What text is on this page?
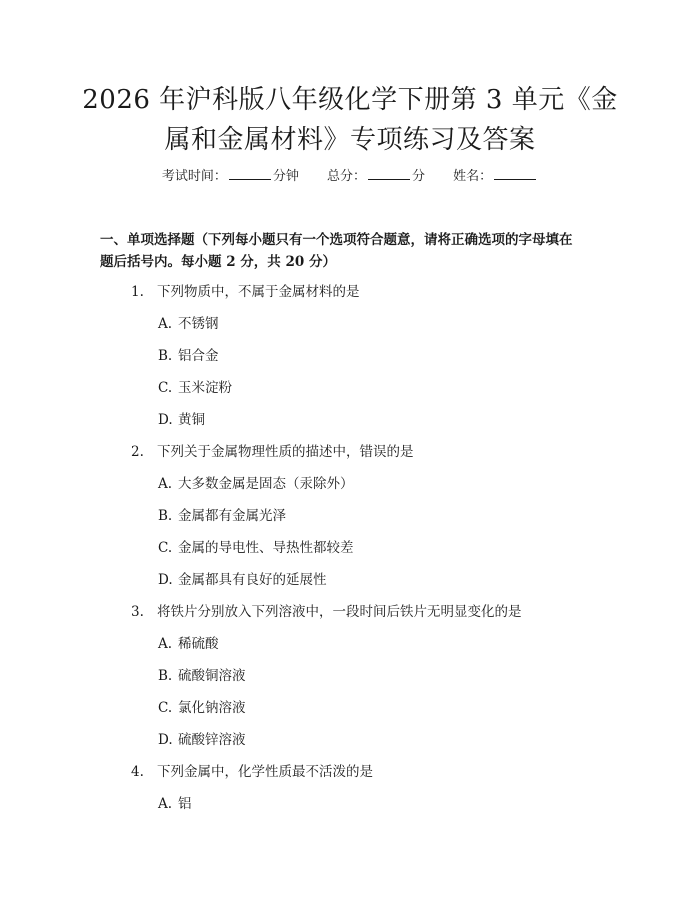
2026 年沪科版八年级化学下册第 3 单元《金
属和金属材料》专项练习及答案
考试时间：	分钟 总分：	分 姓名：
一、单项选择题（下列每小题只有一个选项符合题意，请将正确选项的字母填在
题后括号内。每小题 2 分，共 20 分）
1. 下列物质中，不属于金属材料的是
A. 不锈钢
B. 铝合金
C. 玉米淀粉
D. 黄铜
2. 下列关于金属物理性质的描述中，错误的是
A. 大多数金属是固态（汞除外）
B. 金属都有金属光泽
C. 金属的导电性、导热性都较差
D. 金属都具有良好的延展性
3. 将铁片分别放入下列溶液中，一段时间后铁片无明显变化的是
A. 稀硫酸
B. 硫酸铜溶液
C. 氯化钠溶液
D. 硫酸锌溶液
4. 下列金属中，化学性质最不活泼的是
A. 铝
